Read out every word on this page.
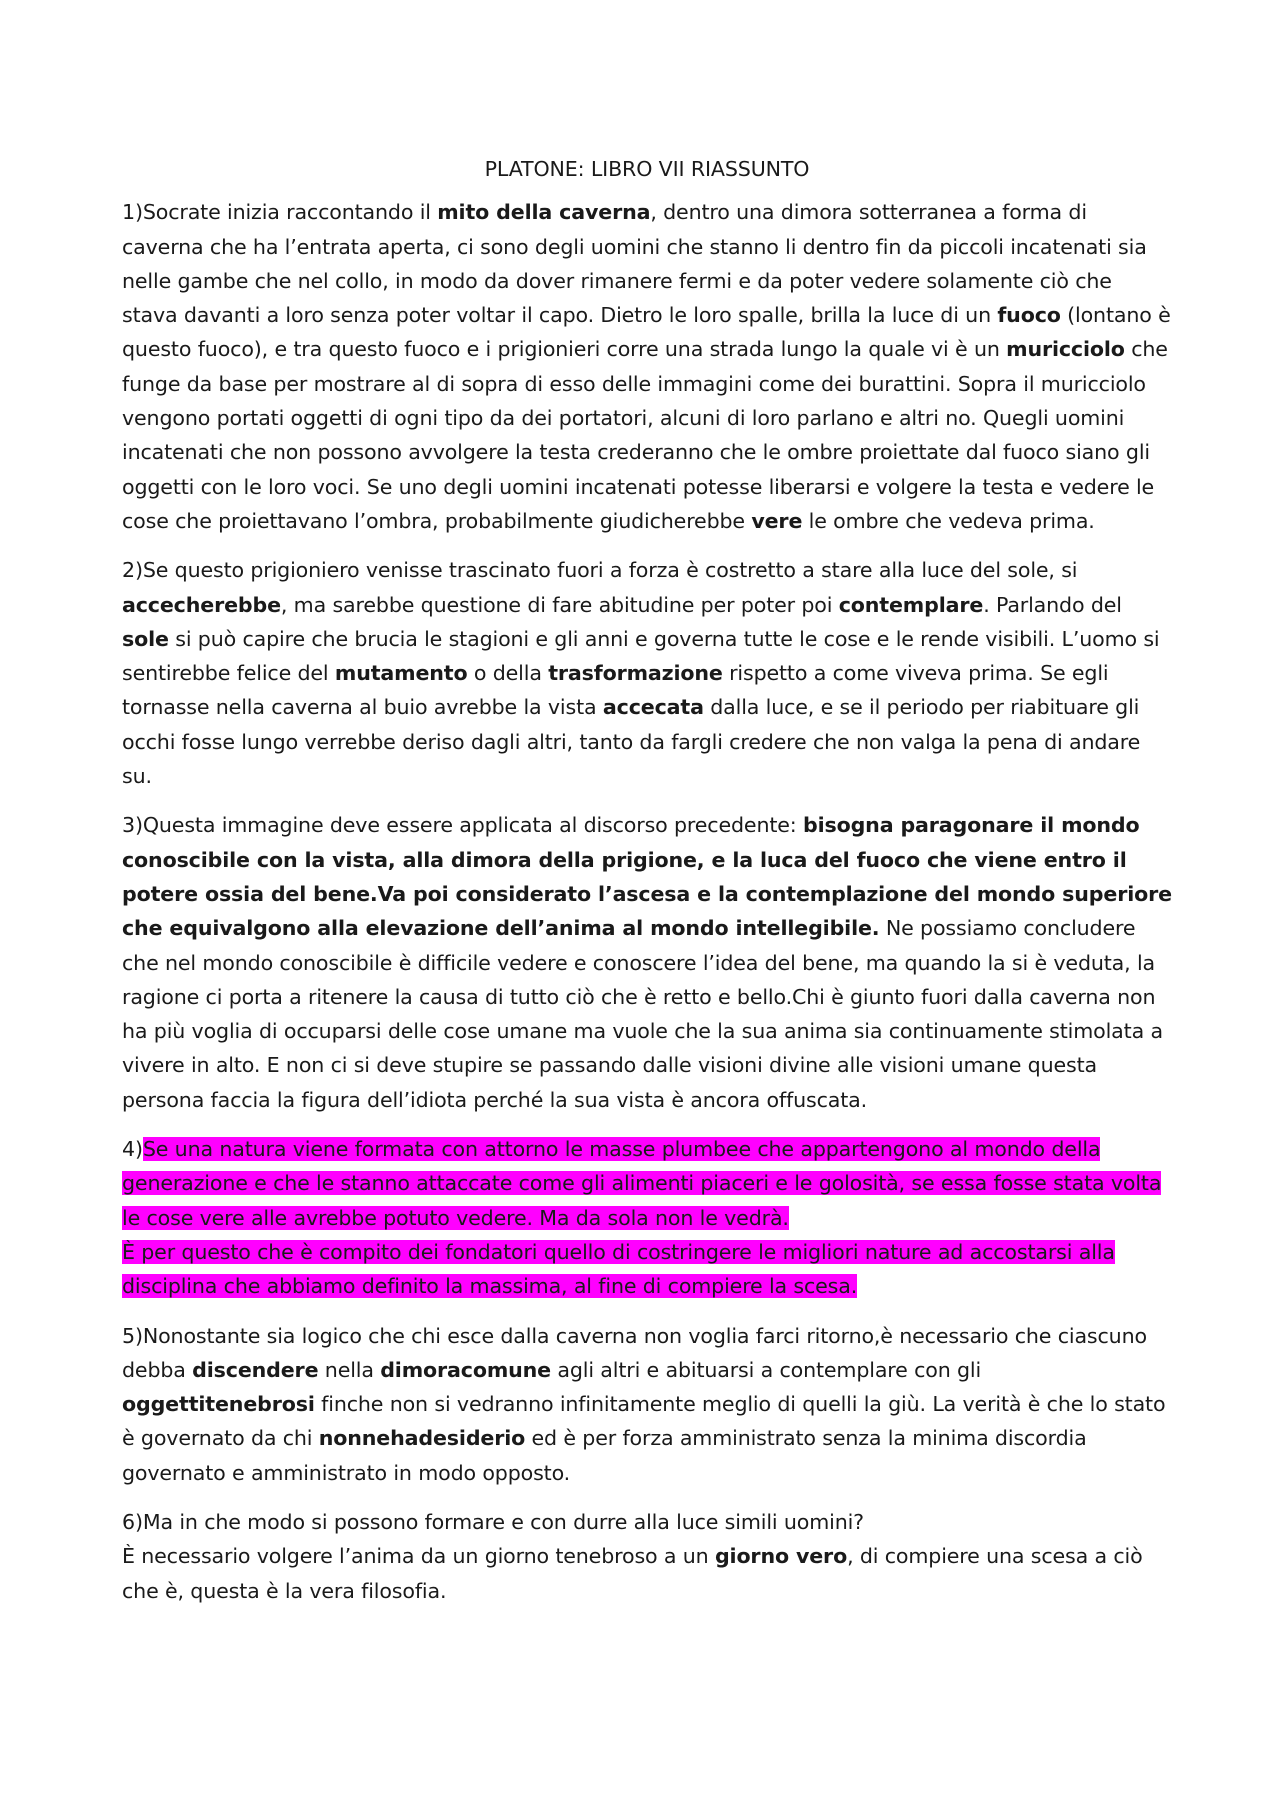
PLATONE: LIBRO VII RIASSUNTO

1)Socrate inizia raccontando il mito della caverna, dentro una dimora sotterranea a forma di caverna che ha l’entrata aperta, ci sono degli uomini che stanno li dentro fin da piccoli incatenati sia nelle gambe che nel collo, in modo da dover rimanere fermi e da poter vedere solamente ciò che stava davanti a loro senza poter voltar il capo. Dietro le loro spalle, brilla la luce di un fuoco (lontano è questo fuoco), e tra questo fuoco e i prigionieri corre una strada lungo la quale vi è un muricciolo che funge da base per mostrare al di sopra di esso delle immagini come dei burattini. Sopra il muricciolo vengono portati oggetti di ogni tipo da dei portatori, alcuni di loro parlano e altri no. Quegli uomini incatenati che non possono avvolgere la testa crederanno che le ombre proiettate dal fuoco siano gli oggetti con le loro voci. Se uno degli uomini incatenati potesse liberarsi e volgere la testa e vedere le cose che proiettavano l’ombra, probabilmente giudicherebbe vere le ombre che vedeva prima.

2)Se questo prigioniero venisse trascinato fuori a forza è costretto a stare alla luce del sole, si accecherebbe, ma sarebbe questione di fare abitudine per poter poi contemplare. Parlando del sole si può capire che brucia le stagioni e gli anni e governa tutte le cose e le rende visibili. L’uomo si sentirebbe felice del mutamento o della trasformazione rispetto a come viveva prima. Se egli tornasse nella caverna al buio avrebbe la vista accecata dalla luce, e se il periodo per riabituare gli occhi fosse lungo verrebbe deriso dagli altri, tanto da fargli credere che non valga la pena di andare su.

3)Questa immagine deve essere applicata al discorso precedente: bisogna paragonare il mondo conoscibile con la vista, alla dimora della prigione, e la luca del fuoco che viene entro il potere ossia del bene.Va poi considerato l’ascesa e la contemplazione del mondo superiore che equivalgono alla elevazione dell’anima al mondo intellegibile. Ne possiamo concludere che nel mondo conoscibile è difficile vedere e conoscere l’idea del bene, ma quando la si è veduta, la ragione ci porta a ritenere la causa di tutto ciò che è retto e bello.Chi è giunto fuori dalla caverna non ha più voglia di occuparsi delle cose umane ma vuole che la sua anima sia continuamente stimolata a vivere in alto. E non ci si deve stupire se passando dalle visioni divine alle visioni umane questa persona faccia la figura dell’idiota perché la sua vista è ancora offuscata.

4)Se una natura viene formata con attorno le masse plumbee che appartengono al mondo della generazione e che le stanno attaccate come gli alimenti piaceri e le golosità, se essa fosse stata volta le cose vere alle avrebbe potuto vedere. Ma da sola non le vedrà.
È per questo che è compito dei fondatori quello di costringere le migliori nature ad accostarsi alla disciplina che abbiamo definito la massima, al fine di compiere la scesa.

5)Nonostante sia logico che chi esce dalla caverna non voglia farci ritorno,è necessario che ciascuno debba discendere nella dimoracomune agli altri e abituarsi a contemplare con gli oggettitenebrosi finche non si vedranno infinitamente meglio di quelli la giù. La verità è che lo stato è governato da chi nonnehadesiderio ed è per forza amministrato senza la minima discordia governato e amministrato in modo opposto.

6)Ma in che modo si possono formare e con durre alla luce simili uomini?
È necessario volgere l’anima da un giorno tenebroso a un giorno vero, di compiere una scesa a ciò che è, questa è la vera filosofia.
